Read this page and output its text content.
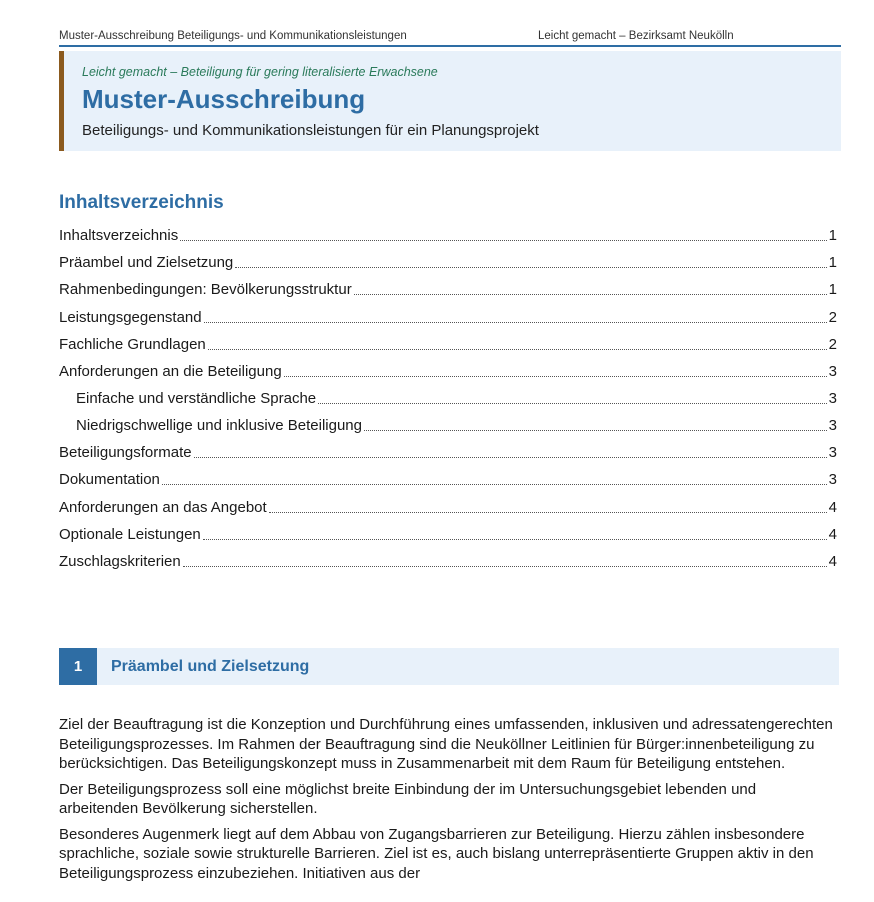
Muster-Ausschreibung Beteiligungs- und Kommunikationsleistungen	Leicht gemacht – Bezirksamt Neukölln
Leicht gemacht – Beteiligung für gering literalisierte Erwachsene
Muster-Ausschreibung
Beteiligungs- und Kommunikationsleistungen für ein Planungsprojekt
Inhaltsverzeichnis
Inhaltsverzeichnis	1
Präambel und Zielsetzung	1
Rahmenbedingungen: Bevölkerungsstruktur	1
Leistungsgegenstand	2
Fachliche Grundlagen	2
Anforderungen an die Beteiligung	3
Einfache und verständliche Sprache	3
Niedrigschwellige und inklusive Beteiligung	3
Beteiligungsformate	3
Dokumentation	3
Anforderungen an das Angebot	4
Optionale Leistungen	4
Zuschlagskriterien	4
1	Präambel und Zielsetzung

Ziel der Beauftragung ist die Konzeption und Durchführung eines umfassenden, inklusiven und adressatengerechten Beteiligungsprozesses. Im Rahmen der Beauftragung sind die Neuköllner Leitlinien für Bürger:innenbeteiligung zu berücksichtigen. Das Beteiligungskonzept muss in Zusammenarbeit mit dem Raum für Beteiligung entstehen.

Der Beteiligungsprozess soll eine möglichst breite Einbindung der im Untersuchungsgebiet lebenden und arbeitenden Bevölkerung sicherstellen.

Besonderes Augenmerk liegt auf dem Abbau von Zugangsbarrieren zur Beteiligung. Hierzu zählen insbesondere sprachliche, soziale sowie strukturelle Barrieren. Ziel ist es, auch bislang unterrepräsentierte Gruppen aktiv in den Beteiligungsprozess einzubeziehen. Initiativen aus der
